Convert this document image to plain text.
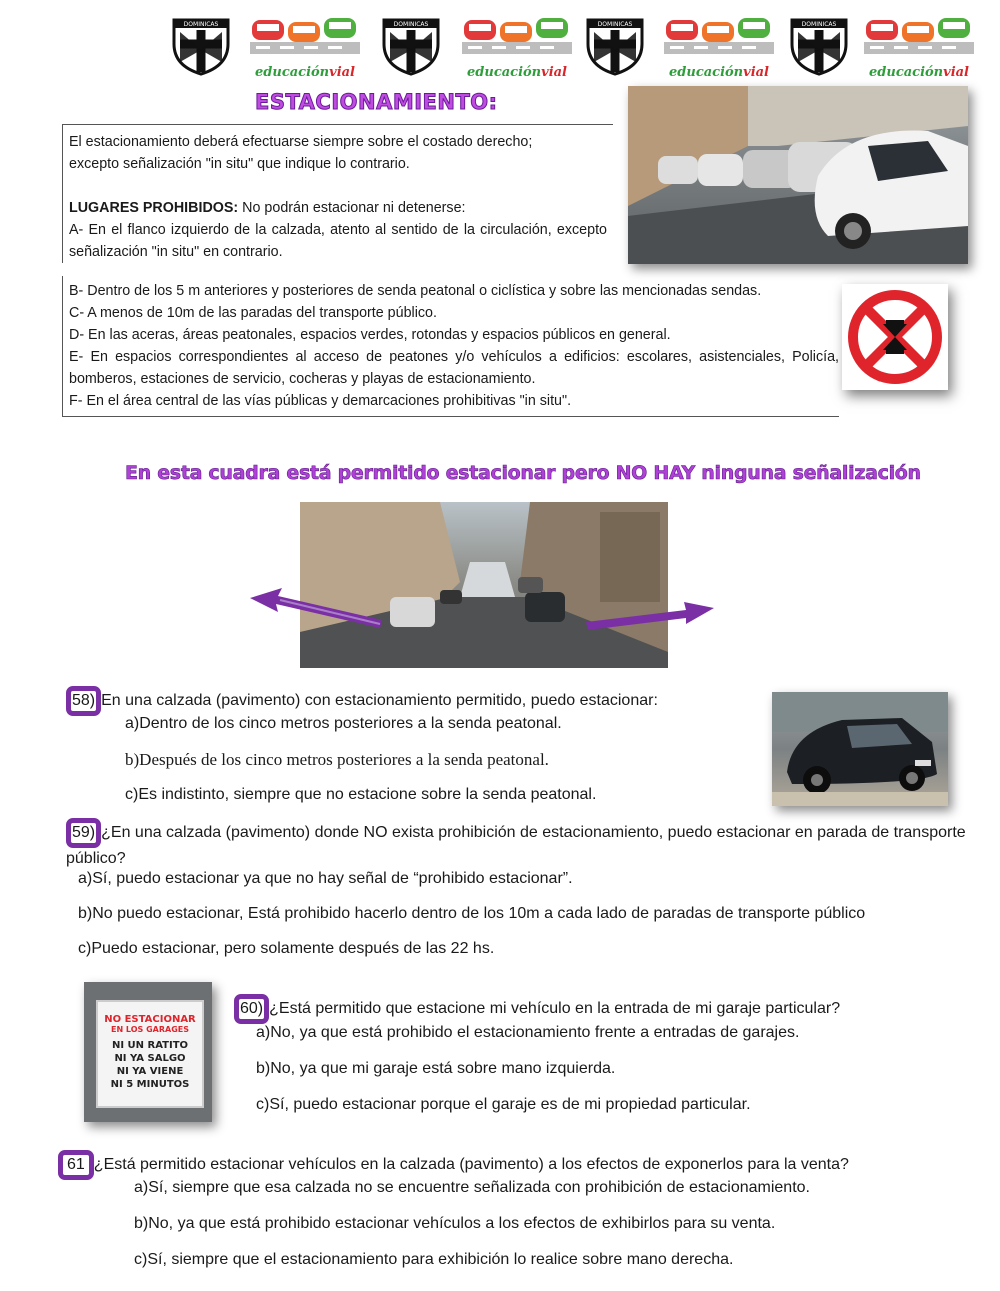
DOMINICAS
educaciónvial
DOMINICAS
educaciónvial
DOMINICAS
educaciónvial
DOMINICAS
educaciónvial
ESTACIONAMIENTO:
El estacionamiento deberá efectuarse siempre sobre el costado derecho; excepto señalización "in situ" que indique lo contrario.
LUGARES PROHIBIDOS: No podrán estacionar ni detenerse:
A- En el flanco izquierdo de la calzada, atento al sentido de la circulación, excepto señalización "in situ" en contrario.
B- Dentro de los 5 m anteriores y posteriores de senda peatonal o ciclística y sobre las mencionadas sendas.
C- A menos de 10m de las paradas del transporte público.
D- En las aceras, áreas peatonales, espacios verdes, rotondas y espacios públicos en general.
E- En espacios correspondientes al acceso de peatones y/o vehículos a edificios: escolares, asistenciales, Policía, bomberos, estaciones de servicio, cocheras y playas de estacionamiento.
F- En el área central de las vías públicas y demarcaciones prohibitivas "in situ".
En esta cuadra está permitido estacionar pero NO HAY ninguna señalización
58) En una calzada (pavimento) con estacionamiento permitido, puedo estacionar:
a)Dentro de los cinco metros posteriores a la senda peatonal.
b)Después de los cinco metros posteriores a la senda peatonal.
c)Es indistinto, siempre que no estacione sobre la senda peatonal.
59) ¿En una calzada (pavimento) donde NO exista prohibición de estacionamiento, puedo estacionar en parada de transporte público?
a)Sí, puedo estacionar ya que no hay señal de “prohibido estacionar”.
b)No puedo estacionar, Está prohibido hacerlo dentro de los 10m a cada lado de paradas de transporte público
c)Puedo estacionar, pero solamente después de las 22 hs.
NO ESTACIONAR
EN LOS GARAGES
NI UN RATITO
NI YA SALGO
NI YA VIENE
NI 5 MINUTOS
60) ¿Está permitido que estacione mi vehículo en la entrada de mi garaje particular?
a)No, ya que está prohibido el estacionamiento frente a entradas de garajes.
b)No, ya que mi garaje está sobre mano izquierda.
c)Sí, puedo estacionar porque el garaje es de mi propiedad particular.
61 ¿Está permitido estacionar vehículos en la calzada (pavimento) a los efectos de exponerlos para la venta?
a)Sí, siempre que esa calzada no se encuentre señalizada con prohibición de estacionamiento.
b)No, ya que está prohibido estacionar vehículos a los efectos de exhibirlos para su venta.
c)Sí, siempre que el estacionamiento para exhibición lo realice sobre mano derecha.
